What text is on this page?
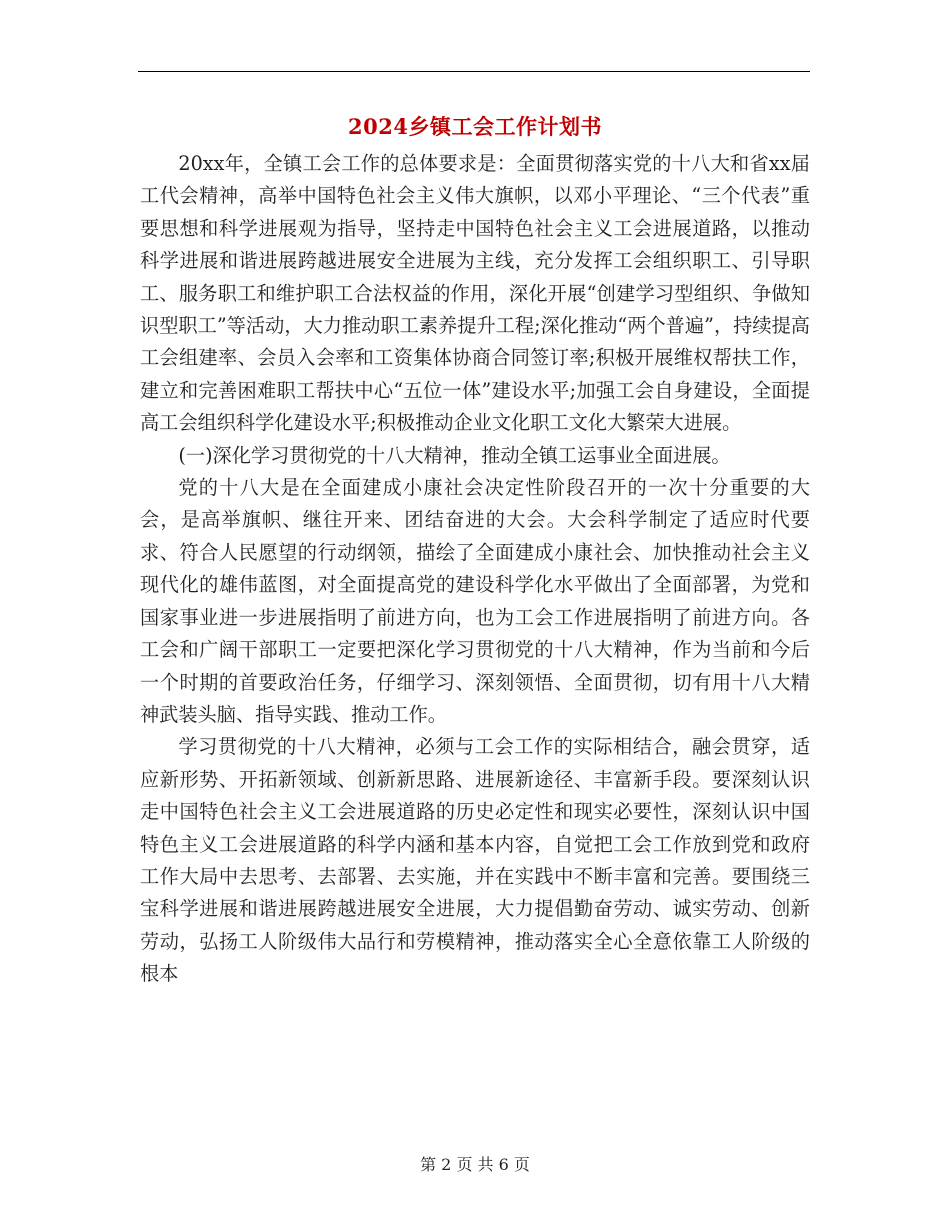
2024乡镇工会工作计划书

20xx年，全镇工会工作的总体要求是：全面贯彻落实党的十八大和省xx届工代会精神，高举中国特色社会主义伟大旗帜，以邓小平理论、“三个代表”重要思想和科学进展观为指导，坚持走中国特色社会主义工会进展道路，以推动科学进展和谐进展跨越进展安全进展为主线，充分发挥工会组织职工、引导职工、服务职工和维护职工合法权益的作用，深化开展“创建学习型组织、争做知识型职工”等活动，大力推动职工素养提升工程;深化推动“两个普遍”，持续提高工会组建率、会员入会率和工资集体协商合同签订率;积极开展维权帮扶工作，建立和完善困难职工帮扶中心“五位一体”建设水平;加强工会自身建设，全面提高工会组织科学化建设水平;积极推动企业文化职工文化大繁荣大进展。

(一)深化学习贯彻党的十八大精神，推动全镇工运事业全面进展。

党的十八大是在全面建成小康社会决定性阶段召开的一次十分重要的大会，是高举旗帜、继往开来、团结奋进的大会。大会科学制定了适应时代要求、符合人民愿望的行动纲领，描绘了全面建成小康社会、加快推动社会主义现代化的雄伟蓝图，对全面提高党的建设科学化水平做出了全面部署，为党和国家事业进一步进展指明了前进方向，也为工会工作进展指明了前进方向。各工会和广阔干部职工一定要把深化学习贯彻党的十八大精神，作为当前和今后一个时期的首要政治任务，仔细学习、深刻领悟、全面贯彻，切有用十八大精神武装头脑、指导实践、推动工作。

学习贯彻党的十八大精神，必须与工会工作的实际相结合，融会贯穿，适应新形势、开拓新领域、创新新思路、进展新途径、丰富新手段。要深刻认识走中国特色社会主义工会进展道路的历史必定性和现实必要性，深刻认识中国特色主义工会进展道路的科学内涵和基本内容，自觉把工会工作放到党和政府工作大局中去思考、去部署、去实施，并在实践中不断丰富和完善。要围绕三宝科学进展和谐进展跨越进展安全进展，大力提倡勤奋劳动、诚实劳动、创新劳动，弘扬工人阶级伟大品行和劳模精神，推动落实全心全意依靠工人阶级的根本

第 2 页 共 6 页
